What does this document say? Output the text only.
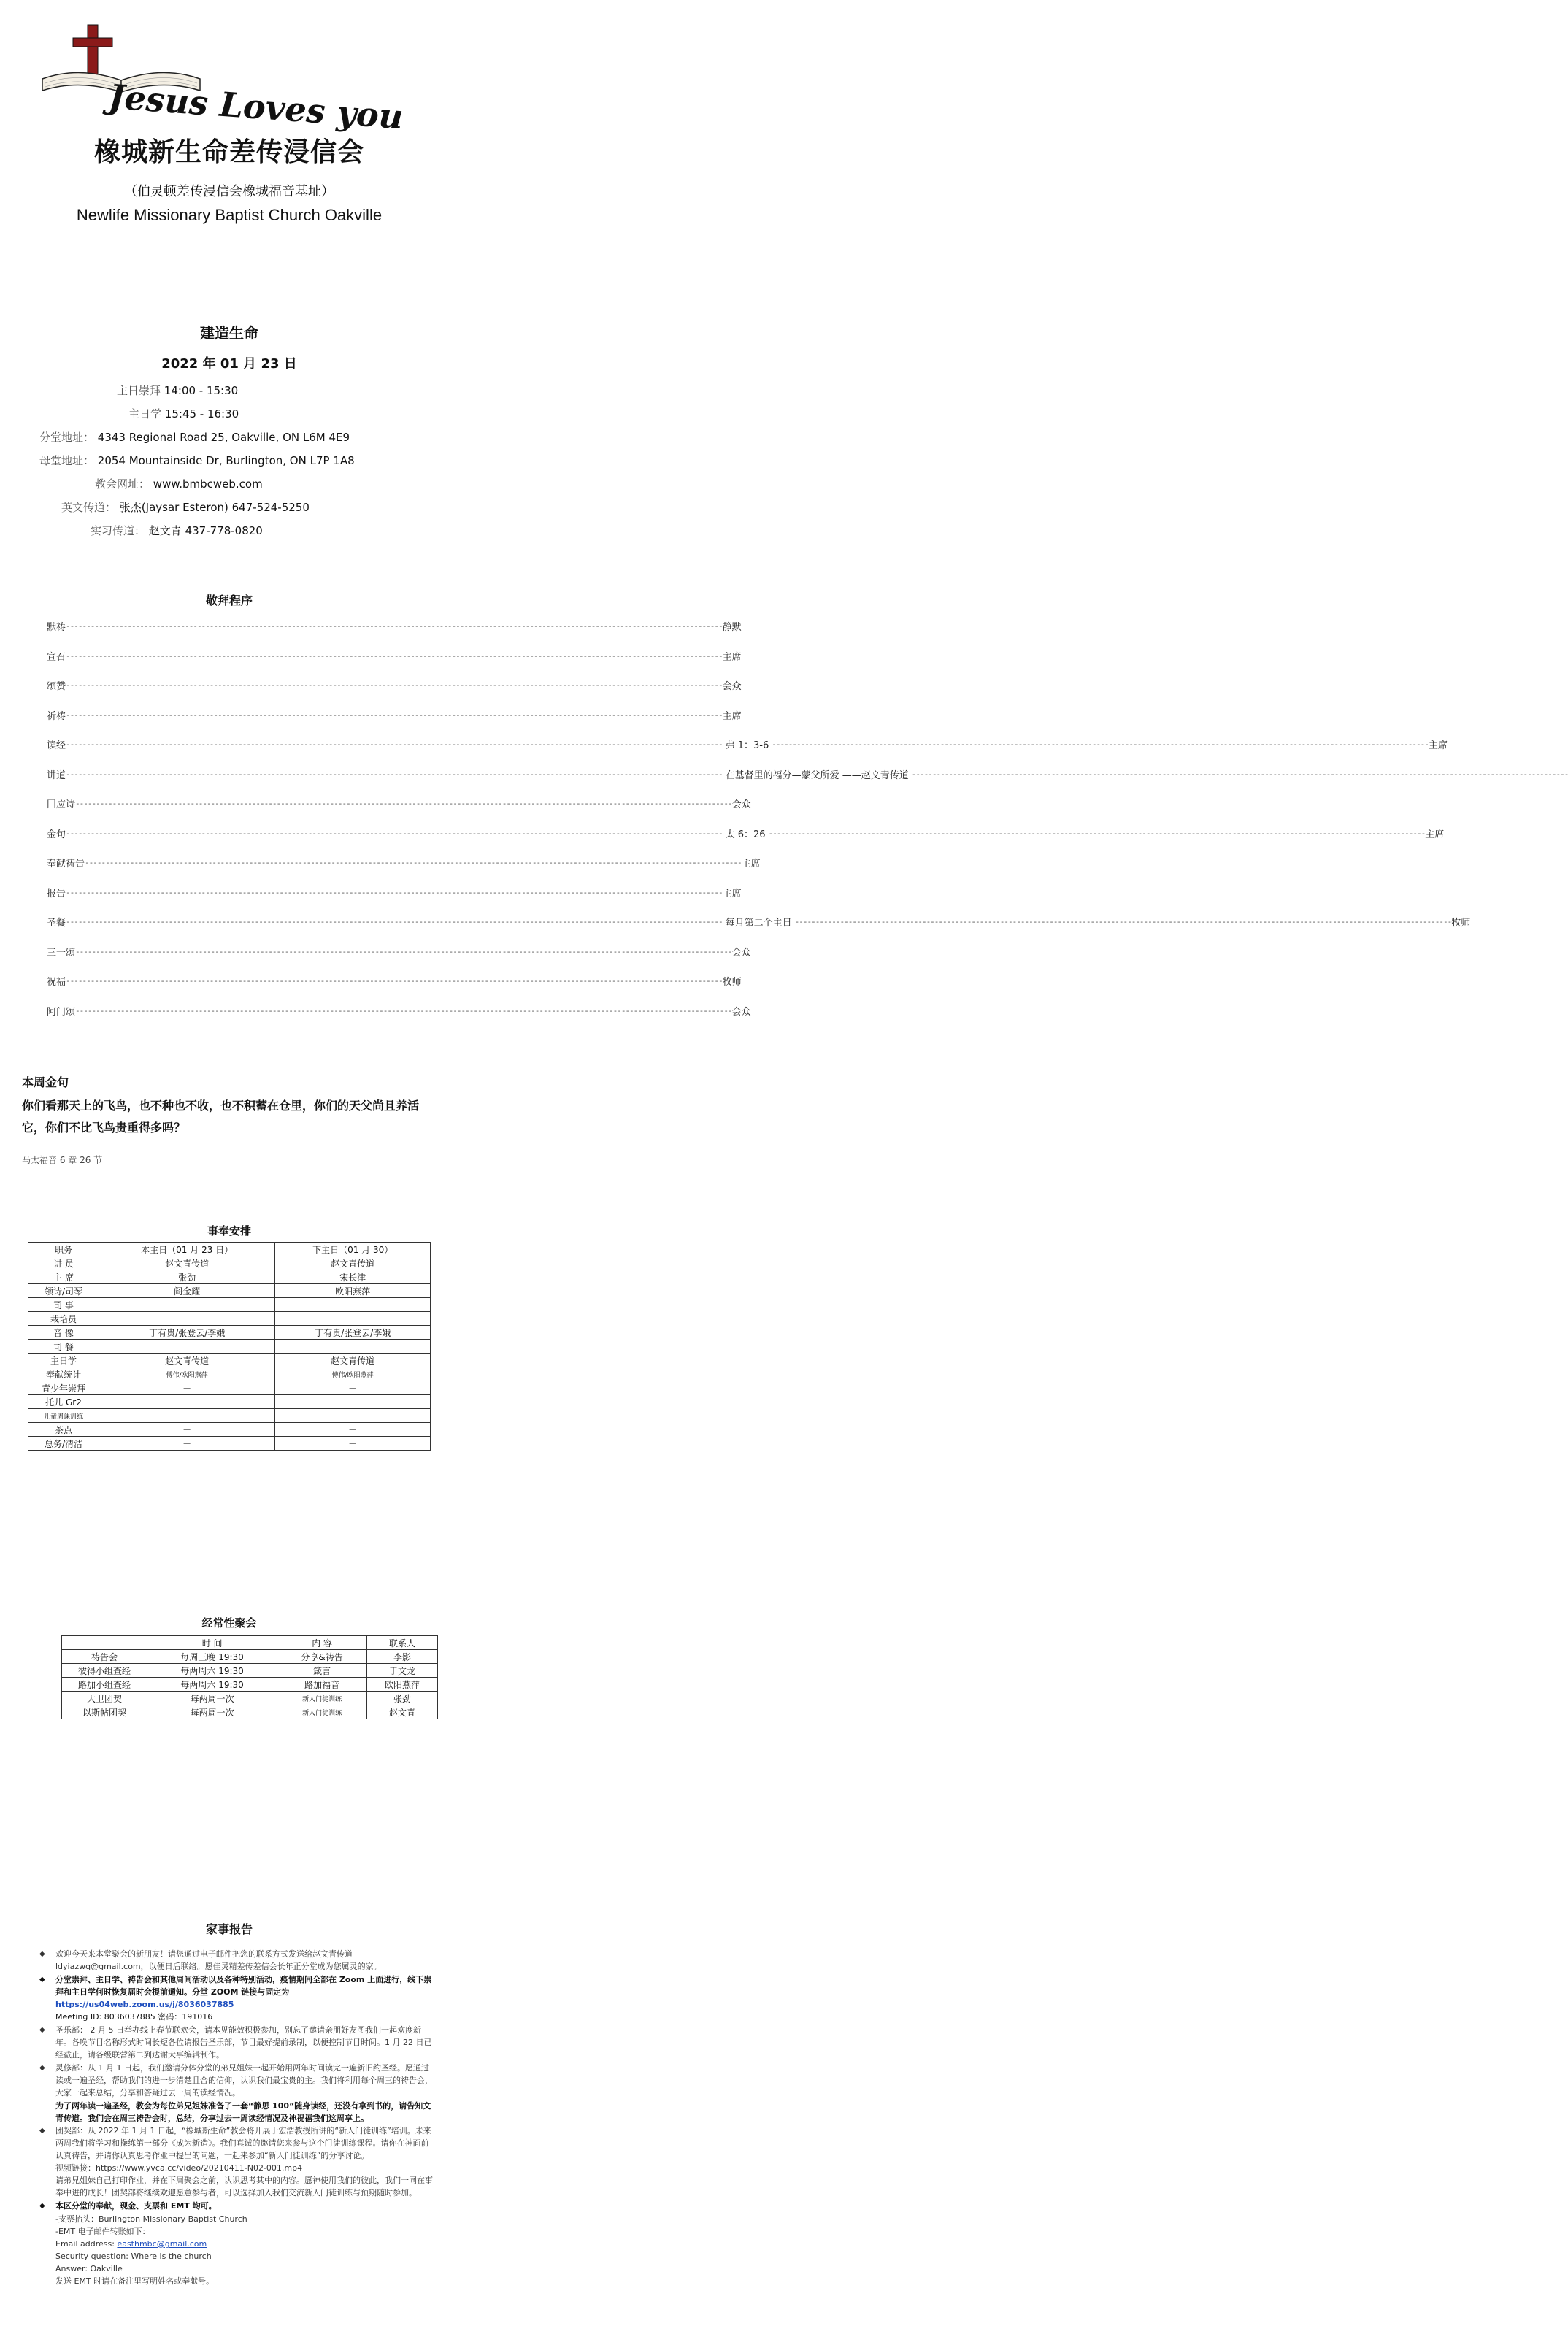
Jesus Loves you
橡城新生命差传浸信会
（伯灵顿差传浸信会橡城福音基址）
Newlife Missionary Baptist Church Oakville
建造生命
2022 年 01 月 23 日
主日崇拜 14:00 - 15:30
主日学 15:45 - 16:30
分堂地址： 4343 Regional Road 25, Oakville, ON L6M 4E9
母堂地址： 2054 Mountainside Dr, Burlington, ON L7P 1A8
教会网址： www.bmbcweb.com
英文传道： 张杰(Jaysar Esteron) 647-524-5250
实习传道： 赵文青 437-778-0820
敬拜程序
默祷 ---------------------------------------------------------------------------------------------------------------------------------------------------------------- 静默
宣召 ---------------------------------------------------------------------------------------------------------------------------------------------------------------- 主席
颂赞 ---------------------------------------------------------------------------------------------------------------------------------------------------------------- 会众
祈祷 ---------------------------------------------------------------------------------------------------------------------------------------------------------------- 主席
读经 ---------------------------------------------------------------------------------------------------------------------------------------------------------------- 弗 1：3-6 ---------------------------------------------------------------------------------------------------------------------------------------------------------------- 主席
讲道 ---------------------------------------------------------------------------------------------------------------------------------------------------------------- 在基督里的福分—蒙父所爱 ——赵文青传道 ----------------------------------------------------------------------------------------------------------------------------------------------------------------
回应诗 ---------------------------------------------------------------------------------------------------------------------------------------------------------------- 会众
金句 ---------------------------------------------------------------------------------------------------------------------------------------------------------------- 太 6：26 ---------------------------------------------------------------------------------------------------------------------------------------------------------------- 主席
奉献祷告 ---------------------------------------------------------------------------------------------------------------------------------------------------------------- 主席
报告 ---------------------------------------------------------------------------------------------------------------------------------------------------------------- 主席
圣餐 ---------------------------------------------------------------------------------------------------------------------------------------------------------------- 每月第二个主日 ---------------------------------------------------------------------------------------------------------------------------------------------------------------- 牧师
三一颂 ---------------------------------------------------------------------------------------------------------------------------------------------------------------- 会众
祝福 ---------------------------------------------------------------------------------------------------------------------------------------------------------------- 牧师
阿门颂 ---------------------------------------------------------------------------------------------------------------------------------------------------------------- 会众
本周金句
你们看那天上的飞鸟，也不种也不收，也不积蓄在仓里，你们的天父尚且养活它，你们不比飞鸟贵重得多吗？
马太福音 6 章 26 节
事奉安排
职务	本主日（01 月 23 日）	下主日（01 月 30）
讲 员	赵文青传道	赵文青传道
主 席	张劲	宋长津
领诗/司琴	阎金耀	欧阳燕萍
司 事	－	－
栽培员	－	－
音 像	丁有贵/张登云/李娥	丁有贵/张登云/李娥
司 餐		
主日学	赵文青传道	赵文青传道
奉献统计	傅伟/欧阳燕萍	傅伟/欧阳燕萍
青少年崇拜	－	－
托儿 Gr2	－	－
儿童周课训练	－	－
茶点	－	－
总务/清洁	－	－
经常性聚会
	时 间	内 容	联系人
祷告会	每周三晚 19:30	分享&祷告	李影
彼得小组查经	每两周六 19:30	箴言	于文龙
路加小组查经	每两周六 19:30	路加福音	欧阳燕萍
大卫团契	每两周一次	新人门徒训练	张劲
以斯帖团契	每两周一次	新人门徒训练	赵文青
家事报告
◆ 欢迎今天来本堂聚会的新朋友！请您通过电子邮件把您的联系方式发送给赵文青传道 ldyiazwq@gmail.com，以便日后联络。愿佳灵精差传差信会长年正分堂成为您属灵的家。
◆ 分堂崇拜、主日学、祷告会和其他周间活动以及各种特别活动，疫情期间全部在 Zoom 上面进行，线下崇拜和主日学何时恢复届时会提前通知。分堂 ZOOM 链接与固定为 https://us04web.zoom.us/j/8036037885
Meeting ID: 8036037885 密码：191016
◆ 圣乐部： 2 月 5 日举办线上春节联欢会，请本见能效积极参加，别忘了邀请亲朋好友图我们一起欢度新年。各唤节目名称形式时间长短各位请报告圣乐部，节目最好提前录制，以便控制节目时间。1 月 22 日已经截止，请各级联营第二到达谢大事编辑制作。
◆ 灵修部：从 1 月 1 日起，我们邀请分体分堂的弟兄姐妹一起开始用两年时间读完一遍新旧约圣经。愿通过读或一遍圣经，帮助我们的进一步清楚且合的信仰，认识我们最宝贵的主。我们将利用每个周三的祷告会，大家一起来总结，分享和答疑过去一周的读经情况。
为了两年读一遍圣经，教会为每位弟兄姐妹准备了一套“静思 100”随身读经，还没有拿到书的，请告知文青传道。我们会在周三祷告会时，总结，分享过去一周读经情况及神祝福我们这周享上。
◆ 团契部：从 2022 年 1 月 1 日起，“橡城新生命”教会将开展于宏浩教授所讲的“新人门徒训练”培训。未来两周我们将学习和操练第一部分《成为新造》。我们真诚的邀请您来参与这个门徒训练课程。请你在神面前认真祷告，并请你认真思考作业中提出的问题，一起来参加“新人门徒训练”的分享讨论。
视频链接：https://www.yvca.cc/video/20210411-N02-001.mp4
请弟兄姐妹自己打印作业，并在下周聚会之前，认识思考其中的内容。愿神使用我们的彼此，我们一同在事奉中进的成长！团契部将继续欢迎愿意参与者，可以选择加入我们交流新人门徒训练与预期随时参加。
◆ 本区分堂的奉献，现金、支票和 EMT 均可。
-支票抬头：Burlington Missionary Baptist Church
-EMT 电子邮件转账如下：
Email address: easthmbc@gmail.com
Security question: Where is the church
Answer: Oakville
发送 EMT 时请在备注里写明姓名或奉献号。
